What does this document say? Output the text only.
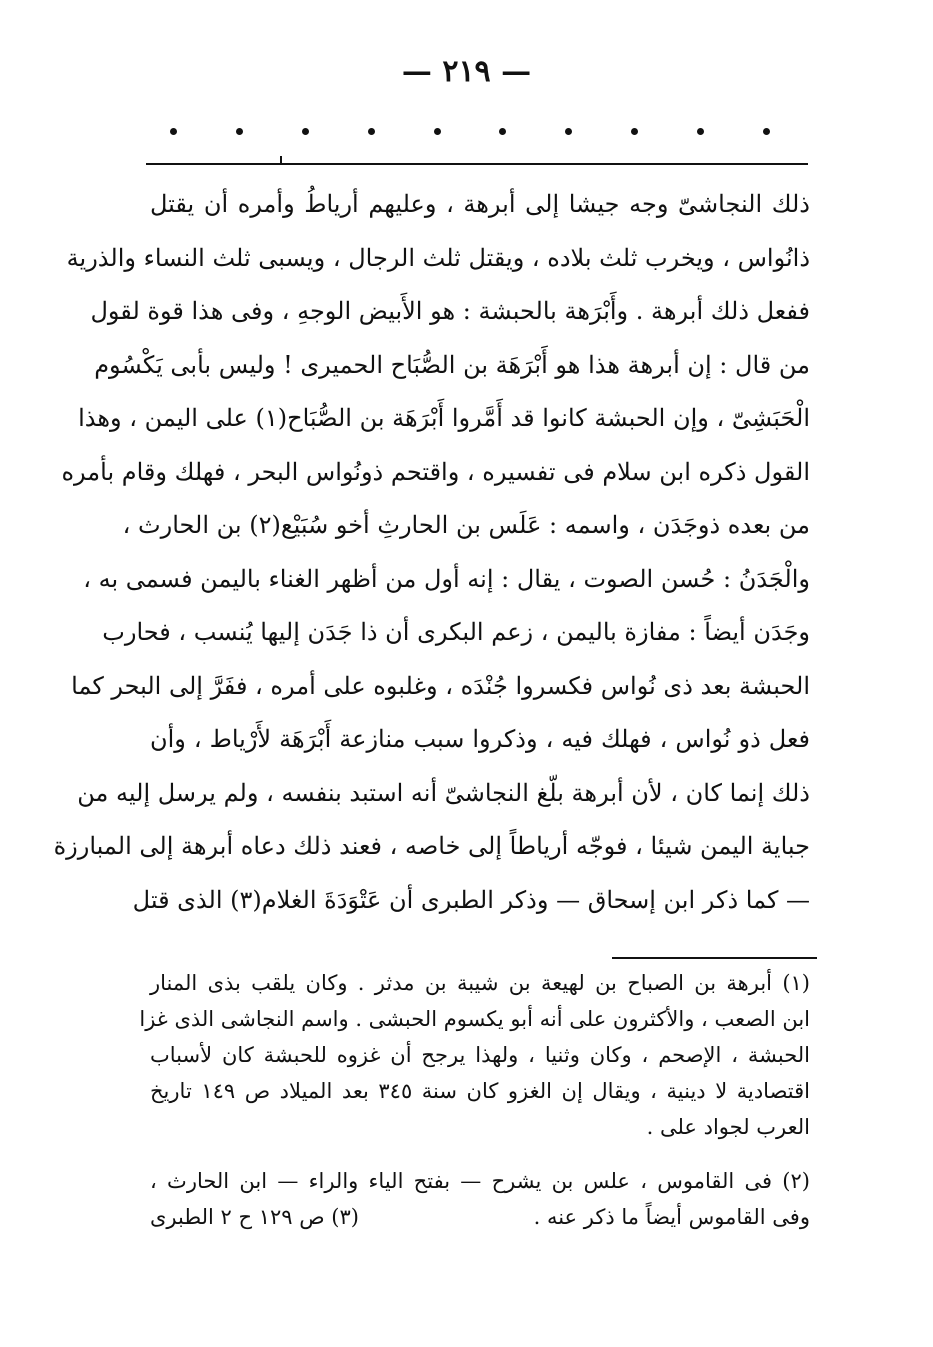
— ٢١٩ —
ذلك النجاشىّ وجه جيشا إلى أبرهة ، وعليهم أرياطُ وأمره أن يقتل
ذانُواس ، ويخرب ثلث بلاده ، ويقتل ثلث الرجال ، ويسبى ثلث النساء والذرية
ففعل ذلك أبرهة . وأَبْرَهة بالحبشة : هو الأَبيض الوجهِ ، وفى هذا قوة لقول
من قال : إن أبرهة هذا هو أَبْرَهَة بن الصُّبَاح الحميرى ! وليس بأبى يَكْسُوم
الْحَبَشِىّ ، وإن الحبشة كانوا قد أَمَّروا أَبْرَهَة بن الصُّبَاح(١) على اليمن ، وهذا
القول ذكره ابن سلام فى تفسيره ، واقتحم ذونُواس البحر ، فهلك وقام بأمره
من بعده ذوجَدَن ، واسمه : عَلَس بن الحارثِ أخو سُبَيْع(٢) بن الحارث ،
والْجَدَنُ : حُسن الصوت ، يقال : إنه أول من أظهر الغناء باليمن فسمى به ،
وجَدَن أيضاً : مفازة باليمن ، زعم البكرى أن ذا جَدَن إليها يُنسب ، فحارب
الحبشة بعد ذى نُواس فكسروا جُنْدَه ، وغلبوه على أمره ، ففَرَّ إلى البحر كما
فعل ذو نُواس ، فهلك فيه ، وذكروا سبب منازعة أَبْرَهَة لأَرْياط ، وأن
ذلك إنما كان ، لأن أبرهة بلّغ النجاشىّ أنه استبد بنفسه ، ولم يرسل إليه من
جباية اليمن شيئا ، فوجّه أرياطاً إلى خاصه ، فعند ذلك دعاه أبرهة إلى المبارزة
— كما ذكر ابن إسحاق — وذكر الطبرى أن عَتْوَدَةَ الغلام(٣) الذى قتل
(١) أبرهة بن الصباح بن لهيعة بن شيبة بن مدثر . وكان يلقب بذى المنار
ابن الصعب ، والأكثرون على أنه أبو يكسوم الحبشى . واسم النجاشى الذى غزا
الحبشة ، الإصحم ، وكان وثنيا ، ولهذا يرجح أن غزوه للحبشة كان لأسباب
اقتصادية لا دينية ، ويقال إن الغزو كان سنة ٣٤٥ بعد الميلاد ص ١٤٩ تاريخ
العرب لجواد على .
(٢) فى القاموس ، علس بن يشرح — بفتح الياء والراء — ابن الحارث ،
وفى القاموس أيضاً ما ذكر عنه .
(٣) ص ١٢٩ ح ٢ الطبرى
